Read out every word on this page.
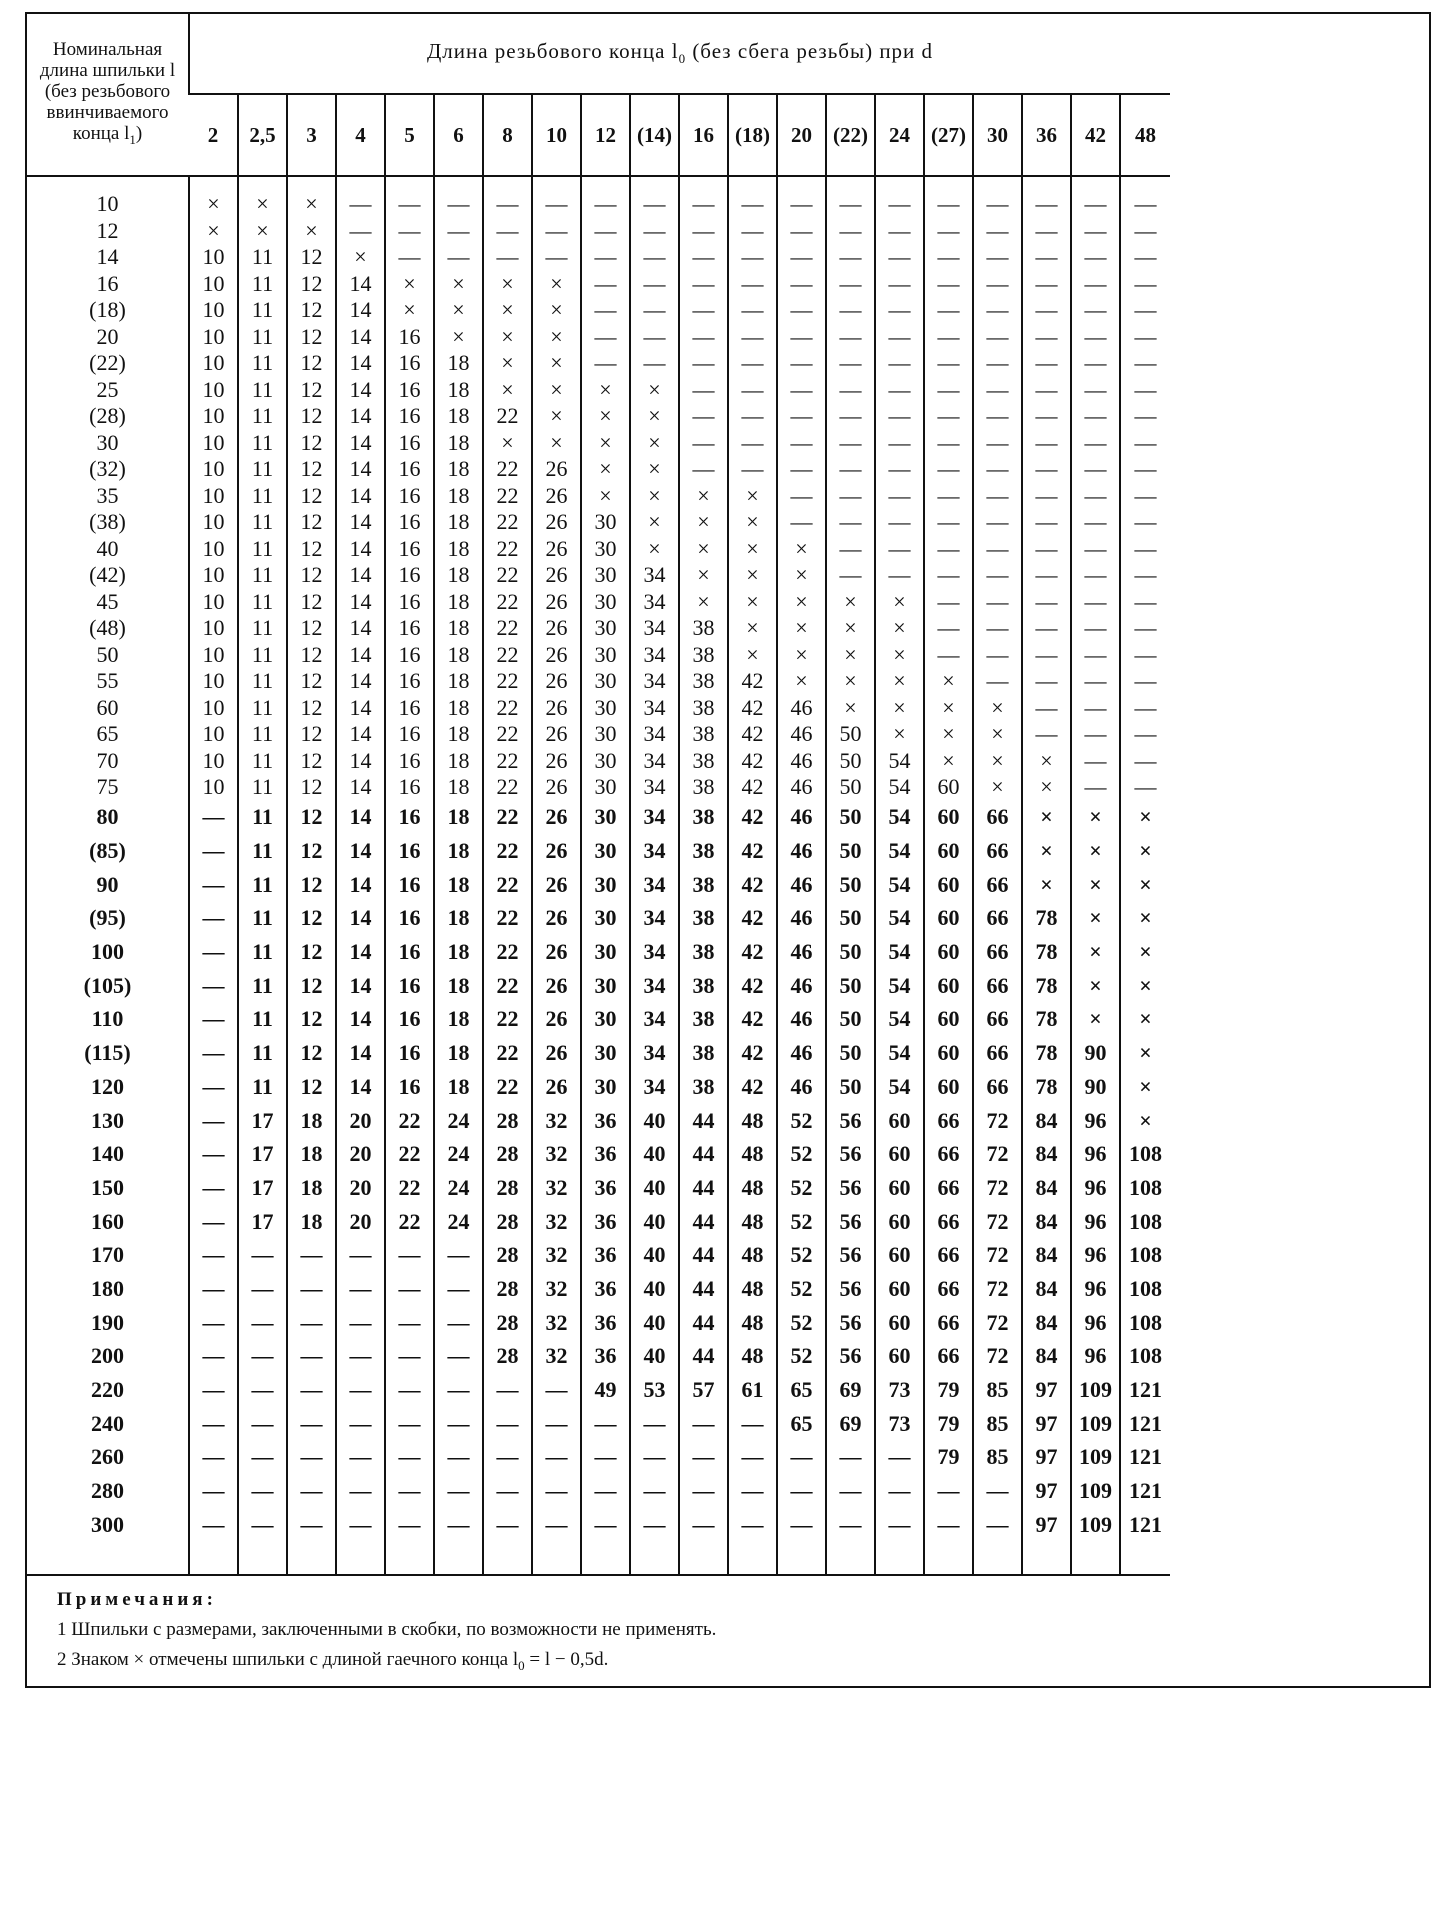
Номинальная
длина шпильки l
(без резьбового
ввинчиваемого
конца $l_1$)	Длина резьбового конца $l_0$ (без сбега резьбы) при d																			
	2	2,5	3	4	5	6	8	10	12	(14)	16	(18)	20	(22)	24	(27)	30	36	42	48

10	×	×	×	—	—	—	—	—	—	—	—	—	—	—	—	—	—	—	—	—
12	×	×	×	—	—	—	—	—	—	—	—	—	—	—	—	—	—	—	—	—
14	10	11	12	×	—	—	—	—	—	—	—	—	—	—	—	—	—	—	—	—
16	10	11	12	14	×	×	×	×	—	—	—	—	—	—	—	—	—	—	—	—
(18)	10	11	12	14	×	×	×	×	—	—	—	—	—	—	—	—	—	—	—	—
20	10	11	12	14	16	×	×	×	—	—	—	—	—	—	—	—	—	—	—	—
(22)	10	11	12	14	16	18	×	×	—	—	—	—	—	—	—	—	—	—	—	—
25	10	11	12	14	16	18	×	×	×	×	—	—	—	—	—	—	—	—	—	—
(28)	10	11	12	14	16	18	22	×	×	×	—	—	—	—	—	—	—	—	—	—
30	10	11	12	14	16	18	×	×	×	×	—	—	—	—	—	—	—	—	—	—
(32)	10	11	12	14	16	18	22	26	×	×	—	—	—	—	—	—	—	—	—	—
35	10	11	12	14	16	18	22	26	×	×	×	×	—	—	—	—	—	—	—	—
(38)	10	11	12	14	16	18	22	26	30	×	×	×	—	—	—	—	—	—	—	—
40	10	11	12	14	16	18	22	26	30	×	×	×	×	—	—	—	—	—	—	—
(42)	10	11	12	14	16	18	22	26	30	34	×	×	×	—	—	—	—	—	—	—
45	10	11	12	14	16	18	22	26	30	34	×	×	×	×	×	—	—	—	—	—
(48)	10	11	12	14	16	18	22	26	30	34	38	×	×	×	×	—	—	—	—	—
50	10	11	12	14	16	18	22	26	30	34	38	×	×	×	×	—	—	—	—	—
55	10	11	12	14	16	18	22	26	30	34	38	42	×	×	×	×	—	—	—	—
60	10	11	12	14	16	18	22	26	30	34	38	42	46	×	×	×	×	—	—	—
65	10	11	12	14	16	18	22	26	30	34	38	42	46	50	×	×	×	—	—	—
70	10	11	12	14	16	18	22	26	30	34	38	42	46	50	54	×	×	×	—	—
75	10	11	12	14	16	18	22	26	30	34	38	42	46	50	54	60	×	×	—	—
80	—	11	12	14	16	18	22	26	30	34	38	42	46	50	54	60	66	×	×	×
(85)	—	11	12	14	16	18	22	26	30	34	38	42	46	50	54	60	66	×	×	×
90	—	11	12	14	16	18	22	26	30	34	38	42	46	50	54	60	66	×	×	×
(95)	—	11	12	14	16	18	22	26	30	34	38	42	46	50	54	60	66	78	×	×
100	—	11	12	14	16	18	22	26	30	34	38	42	46	50	54	60	66	78	×	×
(105)	—	11	12	14	16	18	22	26	30	34	38	42	46	50	54	60	66	78	×	×
110	—	11	12	14	16	18	22	26	30	34	38	42	46	50	54	60	66	78	×	×
(115)	—	11	12	14	16	18	22	26	30	34	38	42	46	50	54	60	66	78	90	×
120	—	11	12	14	16	18	22	26	30	34	38	42	46	50	54	60	66	78	90	×
130	—	17	18	20	22	24	28	32	36	40	44	48	52	56	60	66	72	84	96	×
140	—	17	18	20	22	24	28	32	36	40	44	48	52	56	60	66	72	84	96	108
150	—	17	18	20	22	24	28	32	36	40	44	48	52	56	60	66	72	84	96	108
160	—	17	18	20	22	24	28	32	36	40	44	48	52	56	60	66	72	84	96	108
170	—	—	—	—	—	—	28	32	36	40	44	48	52	56	60	66	72	84	96	108
180	—	—	—	—	—	—	28	32	36	40	44	48	52	56	60	66	72	84	96	108
190	—	—	—	—	—	—	28	32	36	40	44	48	52	56	60	66	72	84	96	108
200	—	—	—	—	—	—	28	32	36	40	44	48	52	56	60	66	72	84	96	108
220	—	—	—	—	—	—	—	—	49	53	57	61	65	69	73	79	85	97	109	121
240	—	—	—	—	—	—	—	—	—	—	—	—	65	69	73	79	85	97	109	121
260	—	—	—	—	—	—	—	—	—	—	—	—	—	—	—	79	85	97	109	121
280	—	—	—	—	—	—	—	—	—	—	—	—	—	—	—	—	—	97	109	121
300	—	—	—	—	—	—	—	—	—	—	—	—	—	—	—	—	—	97	109	121

Примечания:
1 Шпильки с размерами, заключенными в скобки, по возможности не применять.
2 Знаком × отмечены шпильки с длиной гаечного конца $l_0 = l - 0,5d$.
